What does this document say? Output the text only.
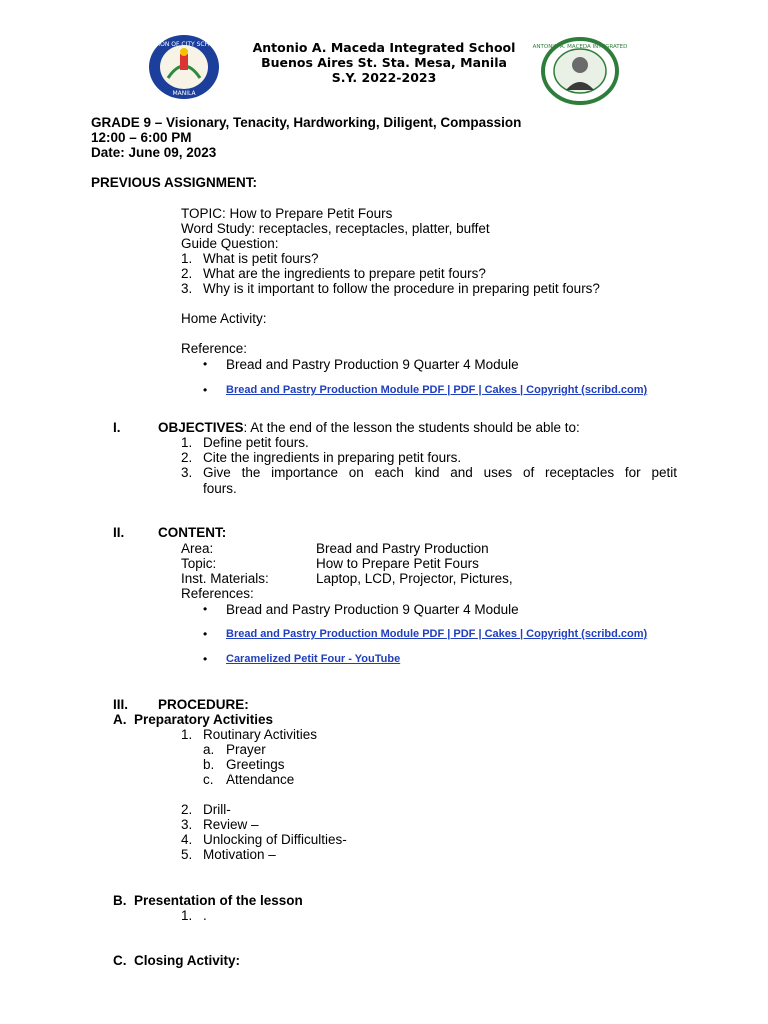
DIVISION OF CITY SCHOOLS
MANILA
ANTONIO A. MACEDA INTEGRATED
Antonio A. Maceda Integrated School
Buenos Aires St. Sta. Mesa, Manila
S.Y. 2022-2023
GRADE 9 – Visionary, Tenacity, Hardworking, Diligent, Compassion
12:00 – 6:00 PM
Date: June 09, 2023
PREVIOUS ASSIGNMENT:
TOPIC: How to Prepare Petit Fours
Word Study: receptacles, receptacles, platter, buffet
Guide Question:
1. What is petit fours?
2. What are the ingredients to prepare petit fours?
3. Why is it important to follow the procedure in preparing petit fours?
Home Activity:
Reference:
• Bread and Pastry Production 9 Quarter 4 Module
• Bread and Pastry Production Module PDF | PDF | Cakes | Copyright (scribd.com)
I.	OBJECTIVES: At the end of the lesson the students should be able to:
1. Define petit fours.
2. Cite the ingredients in preparing petit fours.
3. Give the importance on each kind and uses of receptacles for petit
fours.
II. CONTENT:
Area:	Bread and Pastry Production
Topic:	How to Prepare Petit Fours
Inst. Materials:	Laptop, LCD, Projector, Pictures,
References:
• Bread and Pastry Production 9 Quarter 4 Module
• Bread and Pastry Production Module PDF | PDF | Cakes | Copyright (scribd.com)
• Caramelized Petit Four - YouTube
III. PROCEDURE:
A.  Preparatory Activities
1. Routinary Activities
a. Prayer
b. Greetings
c. Attendance
2. Drill-
3. Review –
4. Unlocking of Difficulties-
5. Motivation –
B.  Presentation of the lesson
1. .
C.  Closing Activity:
